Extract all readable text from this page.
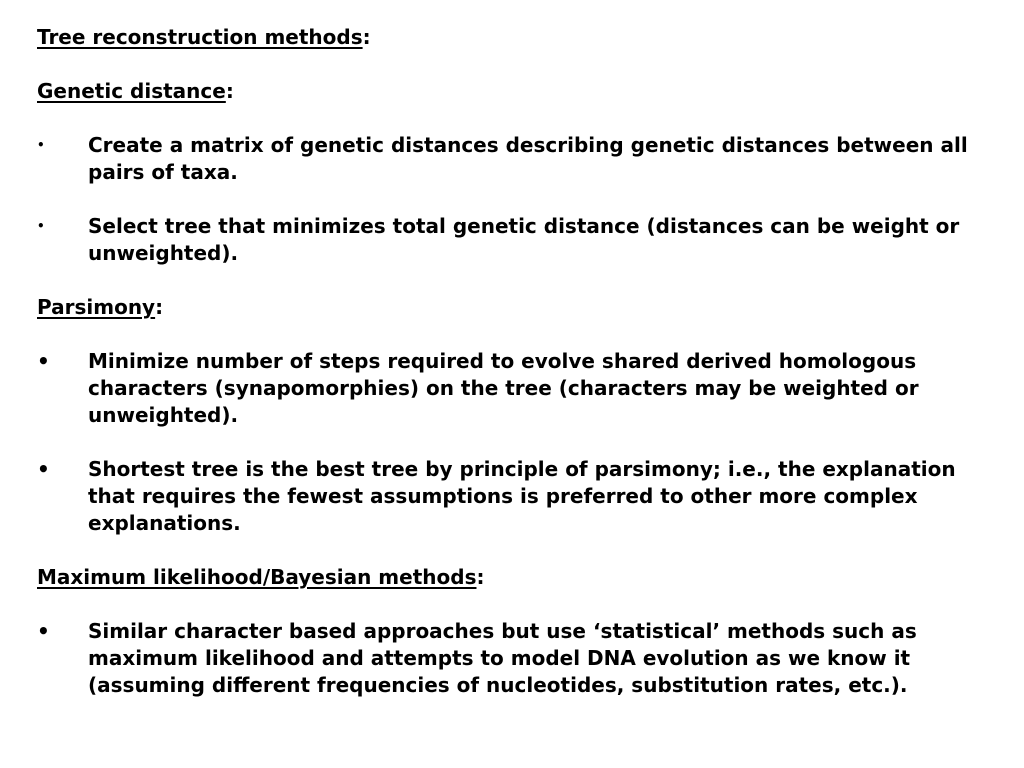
Tree reconstruction methods:

Genetic distance:

•	Create a matrix of genetic distances describing genetic distances between all pairs of taxa.

•	Select tree that minimizes total genetic distance (distances can be weight or unweighted).

Parsimony:

•	Minimize number of steps required to evolve shared derived homologous characters (synapomorphies) on the tree (characters may be weighted or unweighted).

•	Shortest tree is the best tree by principle of parsimony; i.e., the explanation that requires the fewest assumptions is preferred to other more complex explanations.

Maximum likelihood/Bayesian methods:

•	Similar character based approaches but use ‘statistical’ methods such as maximum likelihood and attempts to model DNA evolution as we know it (assuming different frequencies of nucleotides, substitution rates, etc.).
